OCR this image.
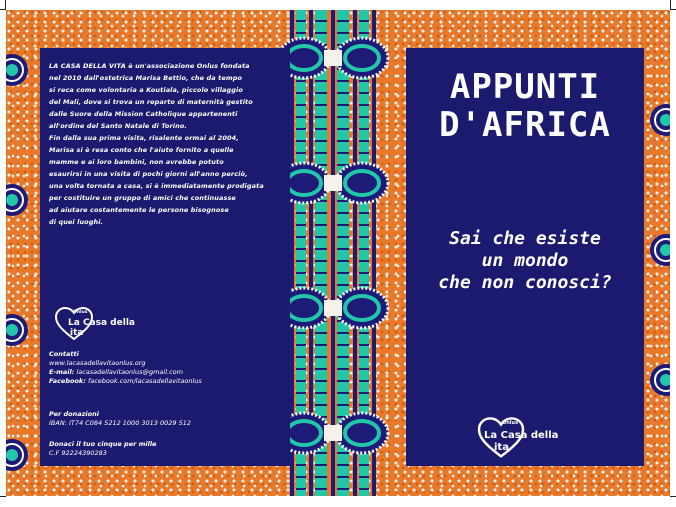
LA CASA DELLA VITA è un'associazione Onlus fondata

nel 2010 dall'ostetrica Marisa Bettio, che da tempo

si reca come volontaria a Koutiala, piccolo villaggio

del Mali, dove si trova un reparto di maternità gestito

dalle Suore della Mission Catholique appartenenti

all'ordine del Santo Natale di Torino.

Fin dalla sua prima visita, risalente ormai al 2004,

Marisa si è resa conto che l'aiuto fornito a quelle

mamme e ai loro bambini, non avrebbe potuto

esaurirsi in una visita di pochi giorni all'anno perciò,

una volta tornata a casa, si è immediatamente prodigata

per costituire un gruppo di amici che continuasse

ad aiutare costantemente le persone bisognose

di quei luoghi.

Onlus
La Casa della
ita
Contatti
www.lacasadellavitaonlus.org
E-mail: lacasadellavitaonlus@gmail.com
Facebook: facebook.com/lacasadellavitaonlus
Per donazioni
IBAN: IT74 C084 5212 1000 3013 0029 512
Donaci il tuo cinque per mille
C.F 92224390283
APPUNTI
D'AFRICA
Sai che esiste
un mondo
che non conosci?
Onlus
La Casa della
ita
